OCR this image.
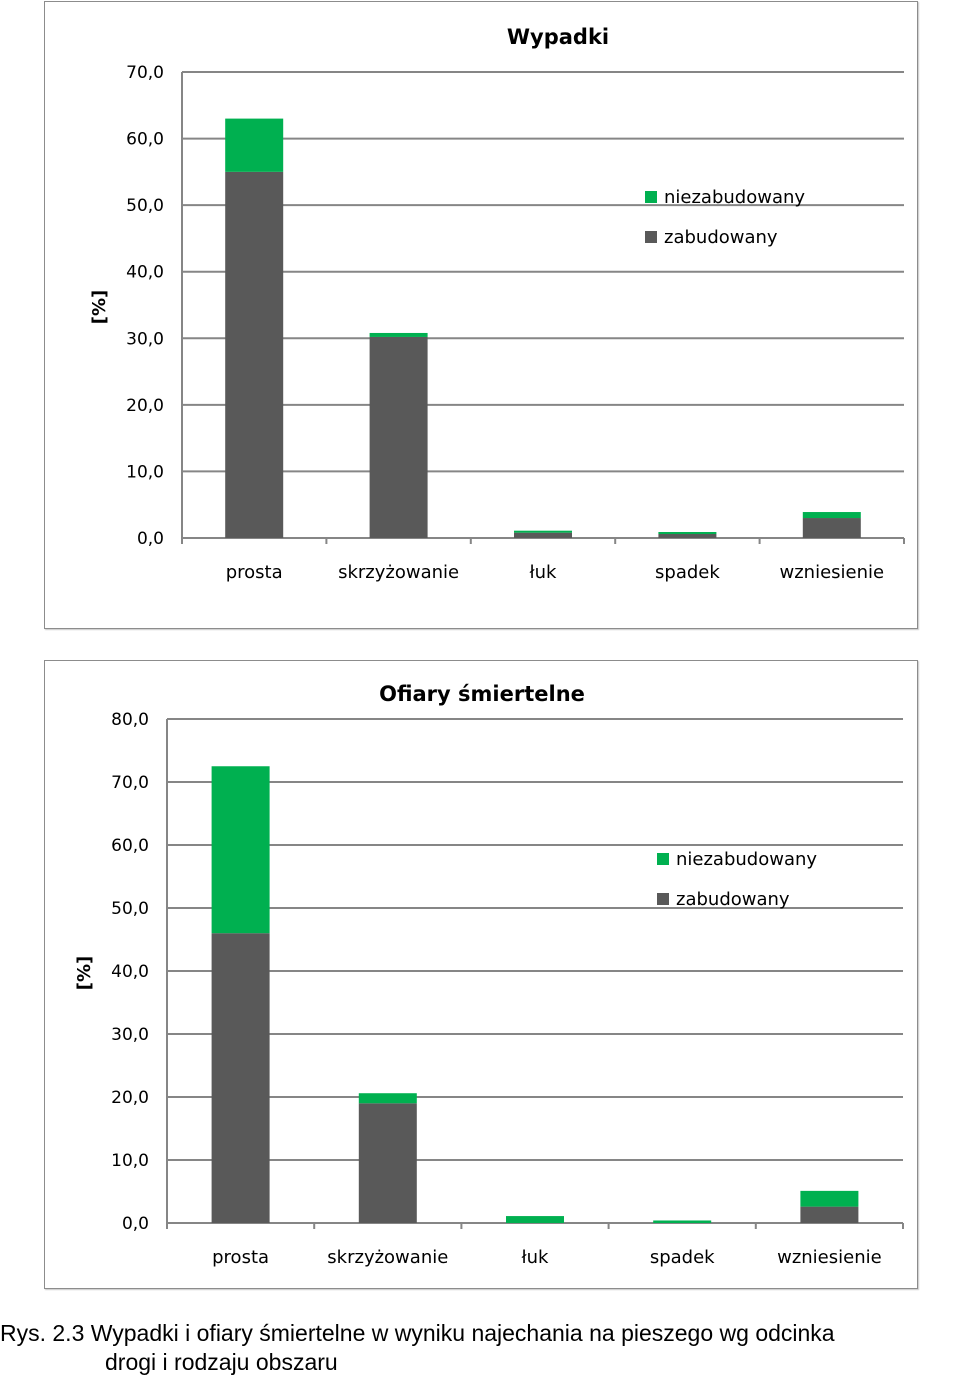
0,0
10,0
20,0
30,0
40,0
50,0
60,0
70,0
prosta	skrzyżowanie	łuk	spadek	wzniesienie
Wypadki
[%]
niezabudowany
zabudowany
0,0
10,0
20,0
30,0
40,0
50,0
60,0
70,0
80,0
prosta	skrzyżowanie	łuk	spadek	wzniesienie
Ofiary śmiertelne
[%]
niezabudowany
zabudowany
Rys. 2.3 Wypadki i ofiary śmiertelne w wyniku najechania na pieszego wg odcinka
drogi i rodzaju obszaru
